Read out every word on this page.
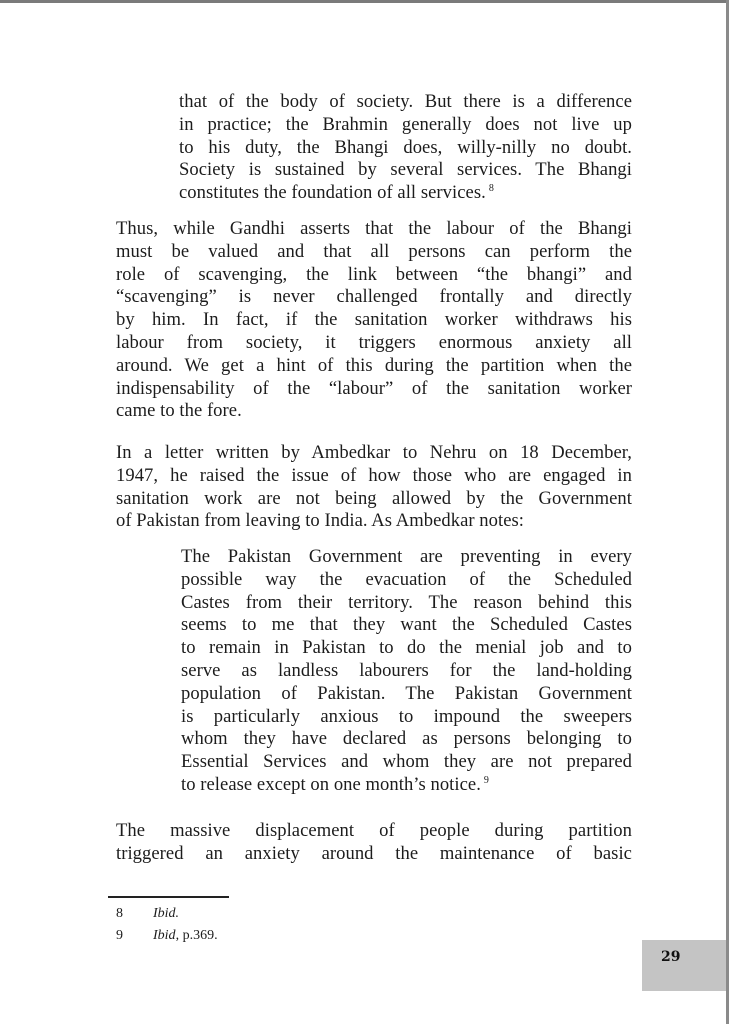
that of the body of society. But there is a difference
in practice; the Brahmin generally does not live up
to his duty, the Bhangi does, willy-nilly no doubt.
Society is sustained by several services. The Bhangi
constitutes the foundation of all services. $^8$
Thus, while Gandhi asserts that the labour of the Bhangi
must be valued and that all persons can perform the
role of scavenging, the link between “the bhangi” and
“scavenging” is never challenged frontally and directly
by him. In fact, if the sanitation worker withdraws his
labour from society, it triggers enormous anxiety all
around. We get a hint of this during the partition when the
indispensability of the “labour” of the sanitation worker
came to the fore.
In a letter written by Ambedkar to Nehru on 18 December,
1947, he raised the issue of how those who are engaged in
sanitation work are not being allowed by the Government
of Pakistan from leaving to India. As Ambedkar notes:
The Pakistan Government are preventing in every
possible way the evacuation of the Scheduled
Castes from their territory. The reason behind this
seems to me that they want the Scheduled Castes
to remain in Pakistan to do the menial job and to
serve as landless labourers for the land-holding
population of Pakistan. The Pakistan Government
is particularly anxious to impound the sweepers
whom they have declared as persons belonging to
Essential Services and whom they are not prepared
to release except on one month’s notice. $^9$
The massive displacement of people during partition
triggered an anxiety around the maintenance of basic
8 Ibid.
9 Ibid, p.369.
29
